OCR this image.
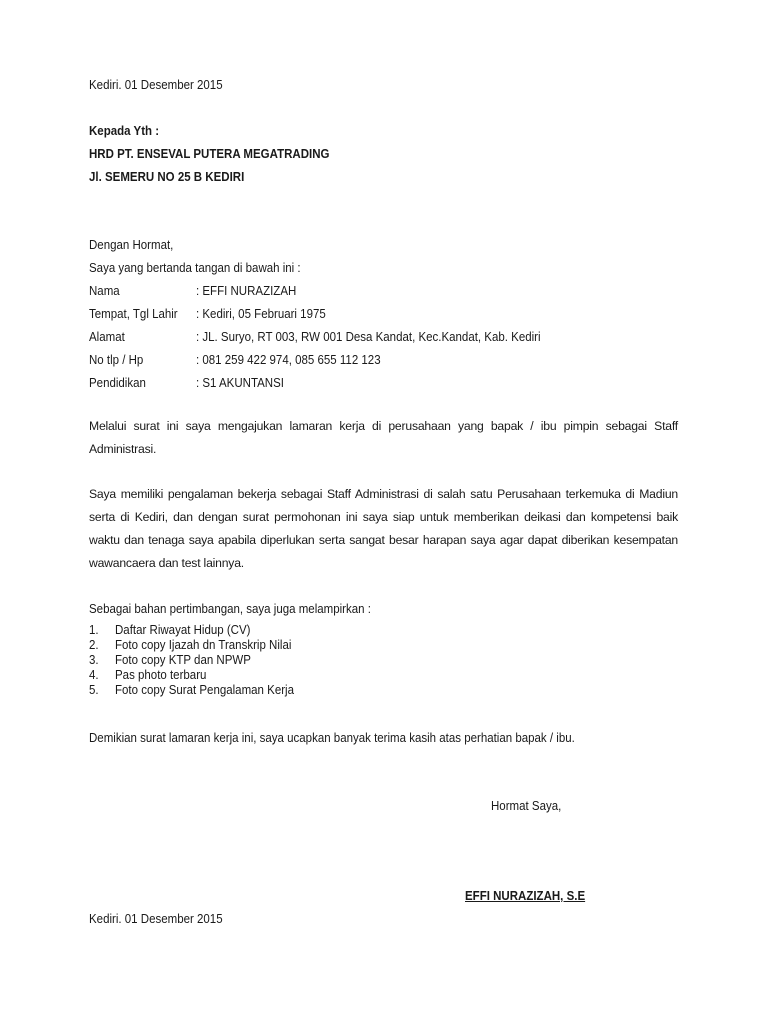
Kediri. 01 Desember 2015
Kepada Yth :
HRD PT. ENSEVAL PUTERA MEGATRADING
Jl. SEMERU NO 25 B KEDIRI
Dengan Hormat,
Saya yang bertanda tangan di bawah ini :
Nama	: EFFI NURAZIZAH
Tempat, Tgl Lahir : Kediri, 05 Februari 1975
Alamat	: JL. Suryo, RT 003, RW 001 Desa Kandat, Kec.Kandat, Kab. Kediri
No tlp / Hp	: 081 259 422 974, 085 655 112 123
Pendidikan	: S1 AKUNTANSI
Melalui surat ini saya mengajukan lamaran kerja di perusahaan yang bapak / ibu pimpin sebagai Staff Administrasi.
Saya memiliki pengalaman bekerja sebagai Staff Administrasi di salah satu Perusahaan terkemuka di Madiun serta di Kediri, dan dengan surat permohonan ini saya siap untuk memberikan deikasi dan kompetensi baik waktu dan tenaga saya apabila diperlukan serta sangat besar harapan saya agar dapat diberikan kesempatan wawancaera dan test lainnya.
Sebagai bahan pertimbangan, saya juga melampirkan :
1. Daftar Riwayat Hidup (CV)
2. Foto copy Ijazah dn Transkrip Nilai
3. Foto copy KTP dan NPWP
4. Pas photo terbaru
5. Foto copy Surat Pengalaman Kerja
Demikian surat lamaran kerja ini, saya ucapkan banyak terima kasih atas perhatian bapak / ibu.
Hormat Saya,
EFFI NURAZIZAH, S.E
Kediri. 01 Desember 2015
